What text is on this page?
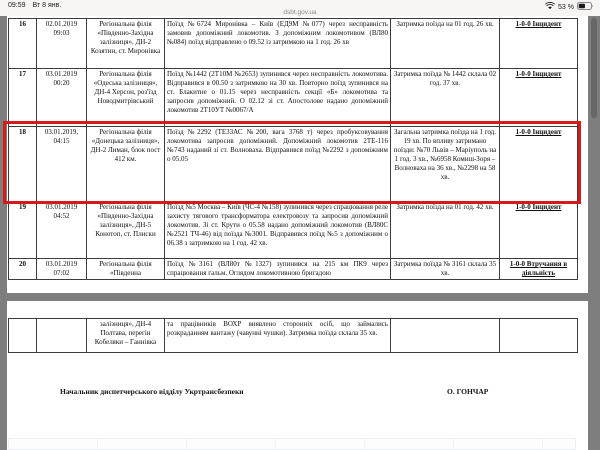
09:59 Вт 8 янв.
dsbt.gov.ua
53 %
16	02.01.2019 09:03	Регіональна філія «Південно-Західна залізниця», ДН-2 Козятин, ст. Миронівка	Поїзд №6724 Миронівка – Київ (ЕД9М №077) через несправність замовив допоміжний локомотив. З допоміжним локомотивом (ВЛ80 №084) поїзд відправлено о 09.52 із затримкою на 1 год. 26 хв	Затримка поїзда на 01 год. 26 хв.	1-0-0 Інцидент
17	03.01.2019 00:20	Регіональна філія «Одеська залізниця», ДН-4 Херсон, роз'їзд Новодмитрівський	Поїзд №1442 (2Т10М №2653) зупинився через несправність локомотива. Відправився в 00.50 з затримкою на 30 хв. Повторно поїзд зупинився на ст. Блакитне о 01.15 через несправність секції «Б» локомотива та запросив допоміжний. О 02.12 зі ст. Апостолове надано допоміжний локомотив 2Т10УТ №0067/А	Затримка поїзда № 1442 склала 02 год. 37 хв.	1-0-0 Інцидент
18	03.01.2019, 04:15	Регіональна філія «Донецька залізниця», ДН-2 Лиман, блок пост 412 км.	Поїзд №2292 (ТЕ33АС №200, вага 3768 т) через пробуксовування локомотива запросив допоміжний. Допоміжний локомотив 2ТЕ-116 №743 наданий зі ст. Волноваха. Відправився поїзд №2292 з допоміжним о 05.05	Загальна затримка поїзда на 1 год. 19 хв. По впливу затримано поїзди: №70 Львів – Маріуполь на 1 год. 3 хв., №6958 Комиш-Зоря – Волноваха на 36 хв., №2298 на 58 хв.	1-0-0 Інцидент
19	03.01.2019 04:52	Регіональна філія «Південно-Західна залізниця», ДН-5 Конотоп, ст. Плиски	Поїзд №5 Москва – Київ (ЧС-4 №158) зупинився через спрацювання реле захисту тягового трансформатора електровозу та запросив допоміжний локомотив. Зі ст. Крути о 05.58 надано допоміжний локомотив (ВЛ80С №2521 ТЧ-46) від поїзда №3001. Відправився поїзд №5 з допоміжним о 06.38 з затримкою на 1 год. 42 хв.	Затримка поїзда на 01 год. 42 хв.	1-0-0 Інцидент
20	03.01.2019 07:02	Регіональна філія «Південна	Поїзд №3161 (ВЛ80т №1327) зупинився на 215 км ПК9 через спрацювання гальм. Оглядом локомотивною бригадою	Затримка поїзда № 3161 склала 35 хв.	1-0-0 Втручання в діяльність
		залізниця», ДН-4 Полтава, перегін Кобеляки – Ганнівка	та працівників ВОХР виявлено сторонніх осіб, що займались розкраданням вантажу (чавунні чушки). Затримка поїзда склала 35 хв.		
Начальник диспетчерського відділу Укртрансбезпеки	О. ГОНЧАР
